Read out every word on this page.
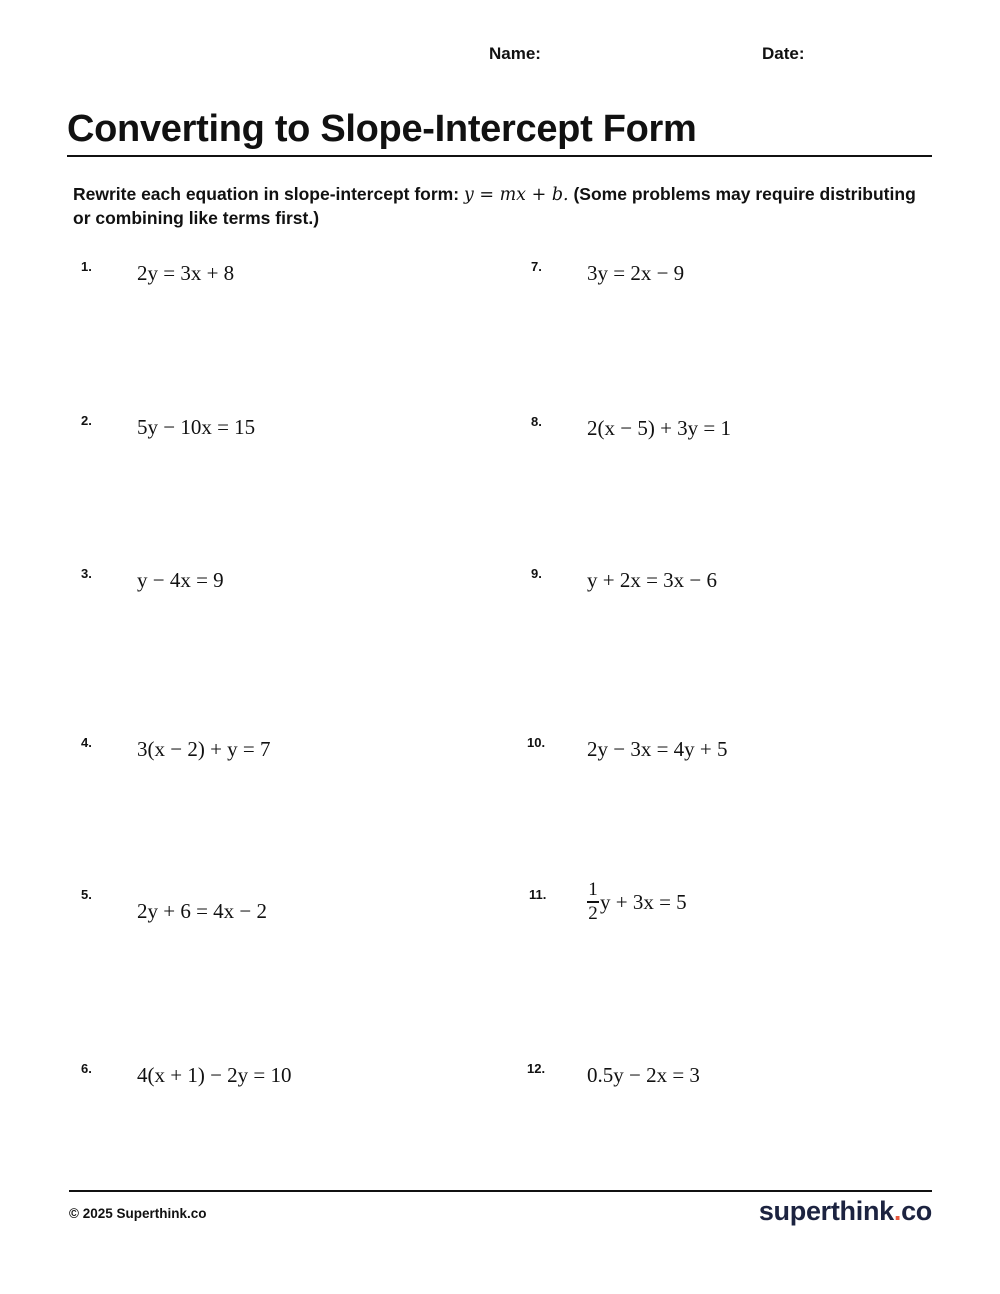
Name:	Date:
Converting to Slope-Intercept Form
Rewrite each equation in slope-intercept form: y = mx + b. (Some problems may require distributing or combining like terms first.)
1. 2y = 3x + 8
2. 5y − 10x = 15
3. y − 4x = 9
4. 3(x − 2) + y = 7
5.
2y + 6 = 4x − 2
6. 4(x + 1) − 2y = 10
7. 3y = 2x − 9
8. 2(x − 5) + 3y = 1
9. y + 2x = 3x − 6
10. 2y − 3x = 4y + 5
11. $\frac{1}{2}$ y + 3x = 5
12. 0.5y − 2x = 3
© 2025 Superthink.co	superthink.co
